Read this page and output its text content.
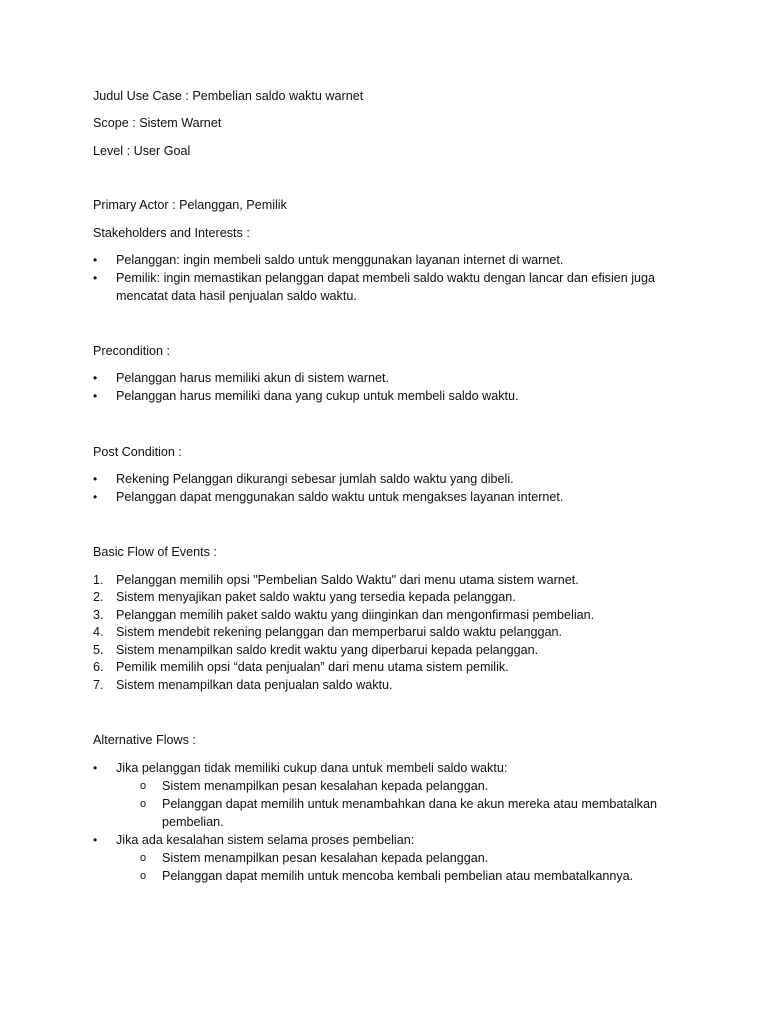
Judul Use Case : Pembelian saldo waktu warnet
Scope : Sistem Warnet
Level : User Goal
Primary Actor : Pelanggan, Pemilik
Stakeholders and Interests :
• Pelanggan: ingin membeli saldo untuk menggunakan layanan internet di warnet.
• Pemilik: ingin memastikan pelanggan dapat membeli saldo waktu dengan lancar dan efisien juga
mencatat data hasil penjualan saldo waktu.
Precondition :
• Pelanggan harus memiliki akun di sistem warnet.
• Pelanggan harus memiliki dana yang cukup untuk membeli saldo waktu.
Post Condition :
• Rekening Pelanggan dikurangi sebesar jumlah saldo waktu yang dibeli.
• Pelanggan dapat menggunakan saldo waktu untuk mengakses layanan internet.
Basic Flow of Events :
1. Pelanggan memilih opsi "Pembelian Saldo Waktu" dari menu utama sistem warnet.
2. Sistem menyajikan paket saldo waktu yang tersedia kepada pelanggan.
3. Pelanggan memilih paket saldo waktu yang diinginkan dan mengonfirmasi pembelian.
4. Sistem mendebit rekening pelanggan dan memperbarui saldo waktu pelanggan.
5. Sistem menampilkan saldo kredit waktu yang diperbarui kepada pelanggan.
6. Pemilik memilih opsi “data penjualan” dari menu utama sistem pemilik.
7. Sistem menampilkan data penjualan saldo waktu.
Alternative Flows :
• Jika pelanggan tidak memiliki cukup dana untuk membeli saldo waktu:
o Sistem menampilkan pesan kesalahan kepada pelanggan.
o Pelanggan dapat memilih untuk menambahkan dana ke akun mereka atau membatalkan
pembelian.
• Jika ada kesalahan sistem selama proses pembelian:
o Sistem menampilkan pesan kesalahan kepada pelanggan.
o Pelanggan dapat memilih untuk mencoba kembali pembelian atau membatalkannya.
